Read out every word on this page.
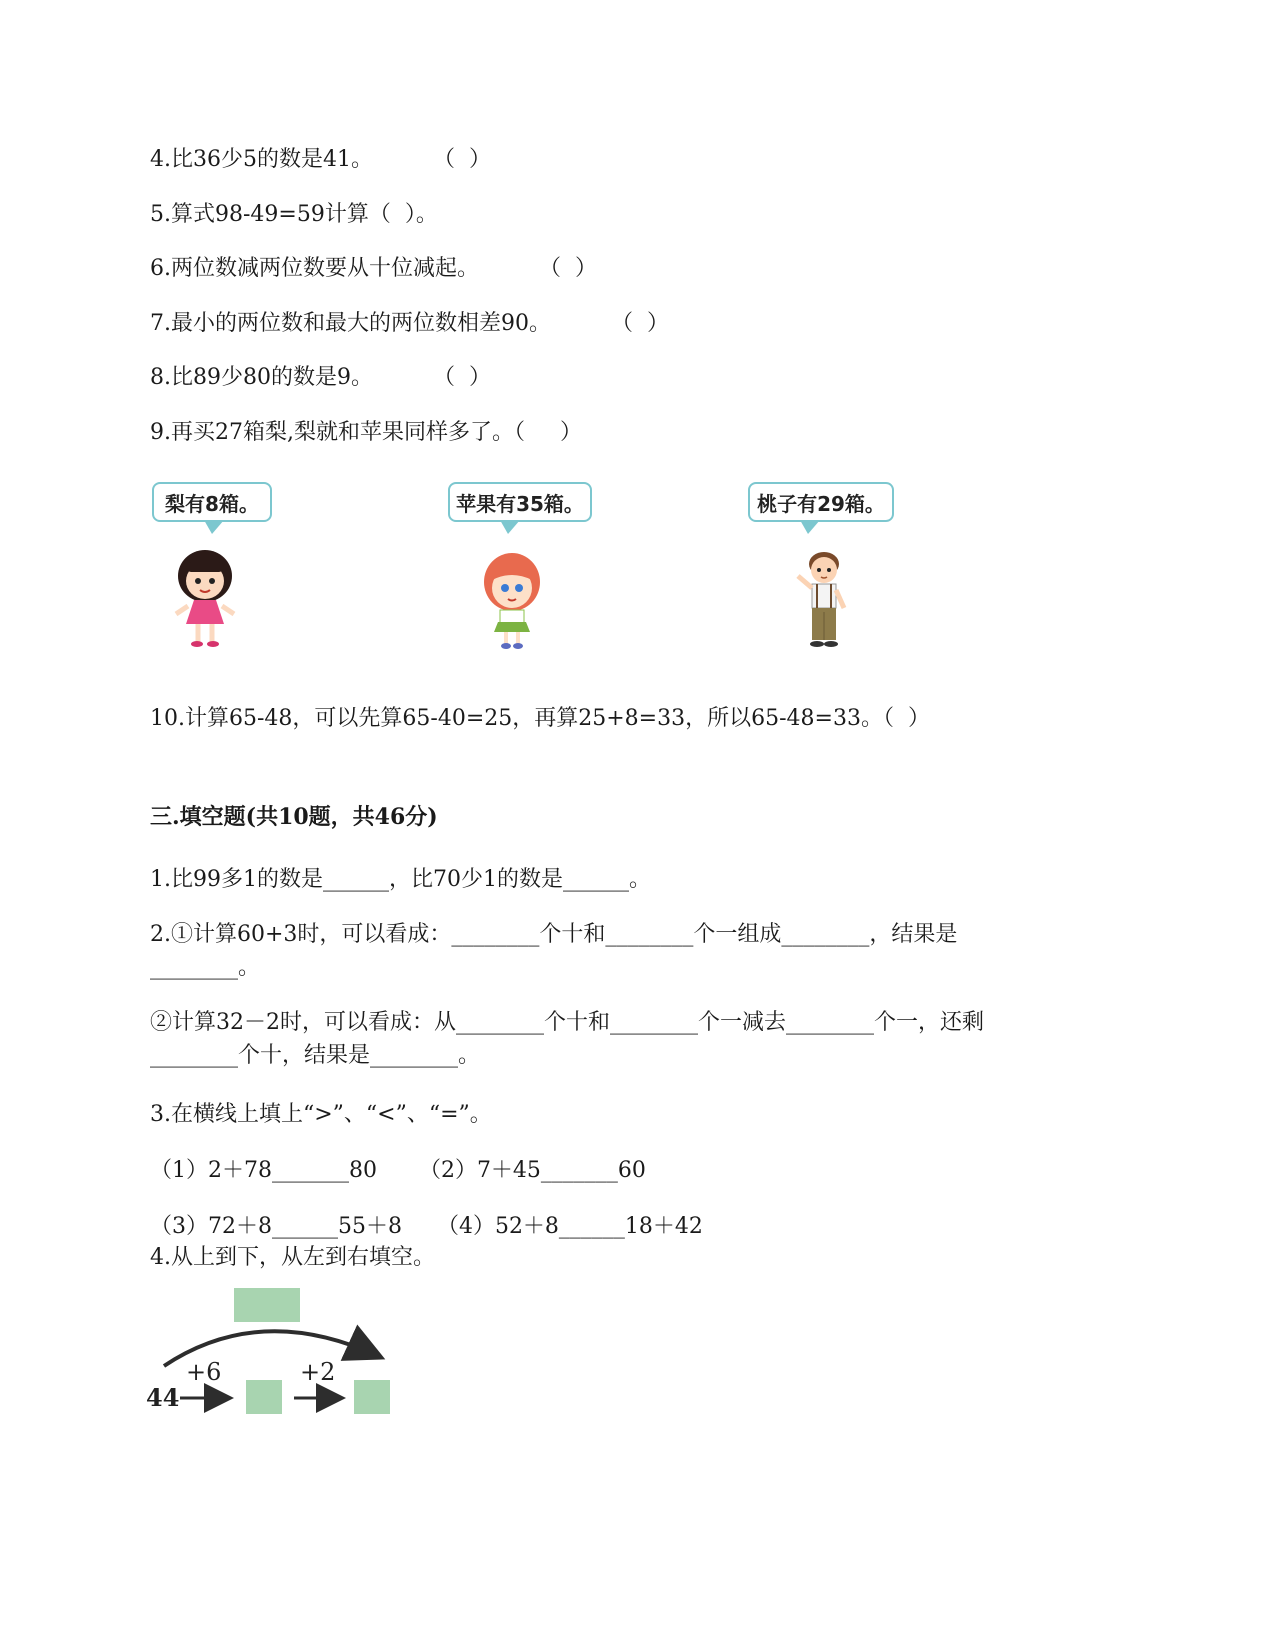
4.比36少5的数是41。	（  ）
5.算式98-49=59计算（  ）。
6.两位数减两位数要从十位减起。	（  ）
7.最小的两位数和最大的两位数相差90。	（  ）
8.比89少80的数是9。	（  ）
9.再买27箱梨,梨就和苹果同样多了。（     ）
梨有8箱。	苹果有35箱。	桃子有29箱。
10.计算65-48，可以先算65-40=25，再算25+8=33，所以65-48=33。（  ）
三.填空题(共10题，共46分)
1.比99多1的数是______，比70少1的数是______。
2.①计算60+3时，可以看成：________个十和________个一组成________，结果是
________。
②计算32－2时，可以看成：从________个十和________个一减去________个一，还剩
________个十，结果是________。
3.在横线上填上“>”、“<”、“=”。
（1）2＋78_______80      （2）7＋45_______60
（3）72＋8______55＋8     （4）52＋8______18＋42
4.从上到下，从左到右填空。
44
+6	+2
